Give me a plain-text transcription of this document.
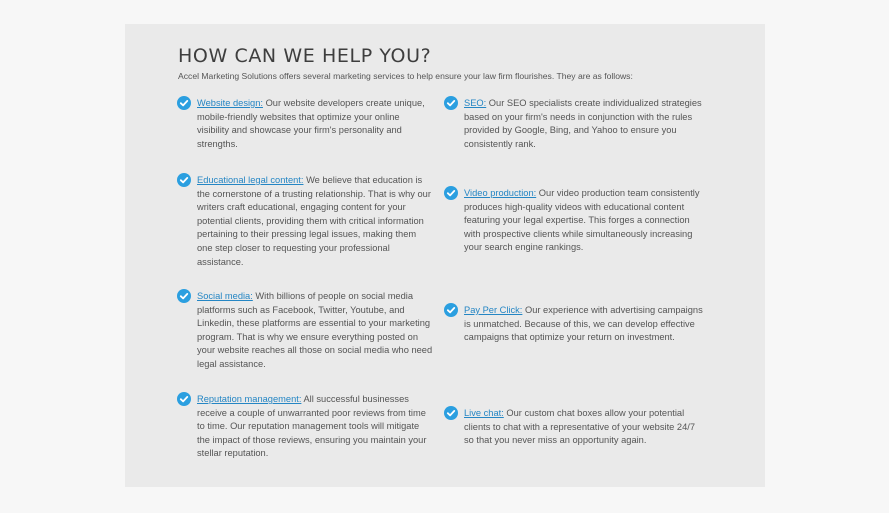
HOW CAN WE HELP YOU?

Accel Marketing Solutions offers several marketing services to help ensure your law firm flourishes. They are as follows:

Website design: Our website developers create unique, mobile-friendly websites that optimize your online visibility and showcase your firm's personality and strengths.
SEO: Our SEO specialists create individualized strategies based on your firm's needs in conjunction with the rules provided by Google, Bing, and Yahoo to ensure you consistently rank.
Educational legal content: We believe that education is the cornerstone of a trusting relationship. That is why our writers craft educational, engaging content for your potential clients, providing them with critical information pertaining to their pressing legal issues, making them one step closer to requesting your professional assistance.
Video production: Our video production team consistently produces high-quality videos with educational content featuring your legal expertise. This forges a connection with prospective clients while simultaneously increasing your search engine rankings.
Social media: With billions of people on social media platforms such as Facebook, Twitter, Youtube, and Linkedin, these platforms are essential to your marketing program. That is why we ensure everything posted on your website reaches all those on social media who need legal assistance.
Pay Per Click: Our experience with advertising campaigns is unmatched. Because of this, we can develop effective campaigns that optimize your return on investment.
Reputation management: All successful businesses receive a couple of unwarranted poor reviews from time to time. Our reputation management tools will mitigate the impact of those reviews, ensuring you maintain your stellar reputation.
Live chat: Our custom chat boxes allow your potential clients to chat with a representative of your website 24/7 so that you never miss an opportunity again.
